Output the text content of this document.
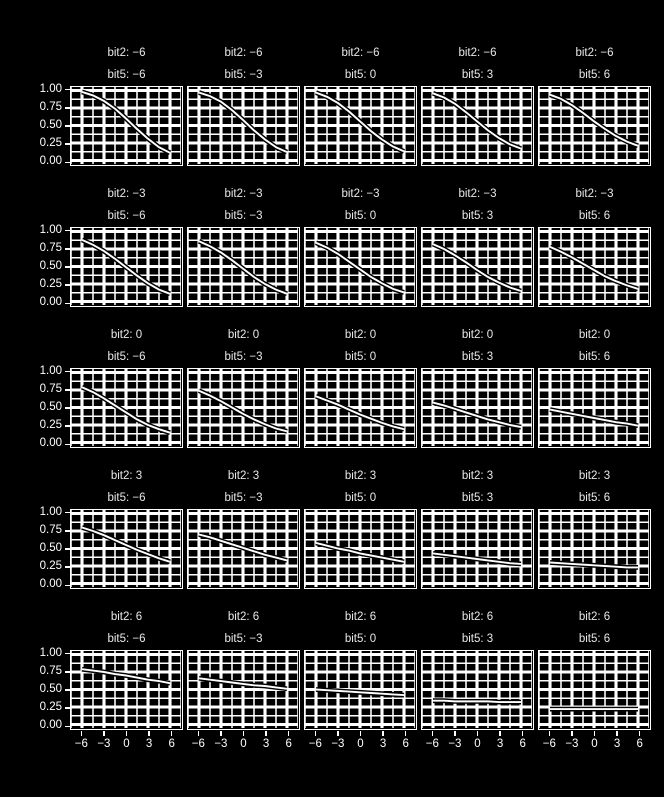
bit2: −6
bit5: −6
bit2: −6
bit5: −3
bit2: −6
bit5: 0
bit2: −6
bit5: 3
bit2: −6
bit5: 6
bit2: −3
bit5: −6
bit2: −3
bit5: −3
bit2: −3
bit5: 0
bit2: −3
bit5: 3
bit2: −3
bit5: 6
bit2: 0
bit5: −6
bit2: 0
bit5: −3
bit2: 0
bit5: 0
bit2: 0
bit5: 3
bit2: 0
bit5: 6
bit2: 3
bit5: −6
bit2: 3
bit5: −3
bit2: 3
bit5: 0
bit2: 3
bit5: 3
bit2: 3
bit5: 6
bit2: 6
bit5: −6
bit2: 6
bit5: −3
bit2: 6
bit5: 0
bit2: 6
bit5: 3
bit2: 6
bit5: 6
0.00
0.25
0.50
0.75
1.00
0.00
0.25
0.50
0.75
1.00
0.00
0.25
0.50
0.75
1.00
0.00
0.25
0.50
0.75
1.00
0.00
0.25
0.50
0.75
1.00
−6 −3	0	3	6	−6 −3	0	3	6	−6 −3	0	3	6	−6 −3	0	3	6	−6 −3	0	3	6
